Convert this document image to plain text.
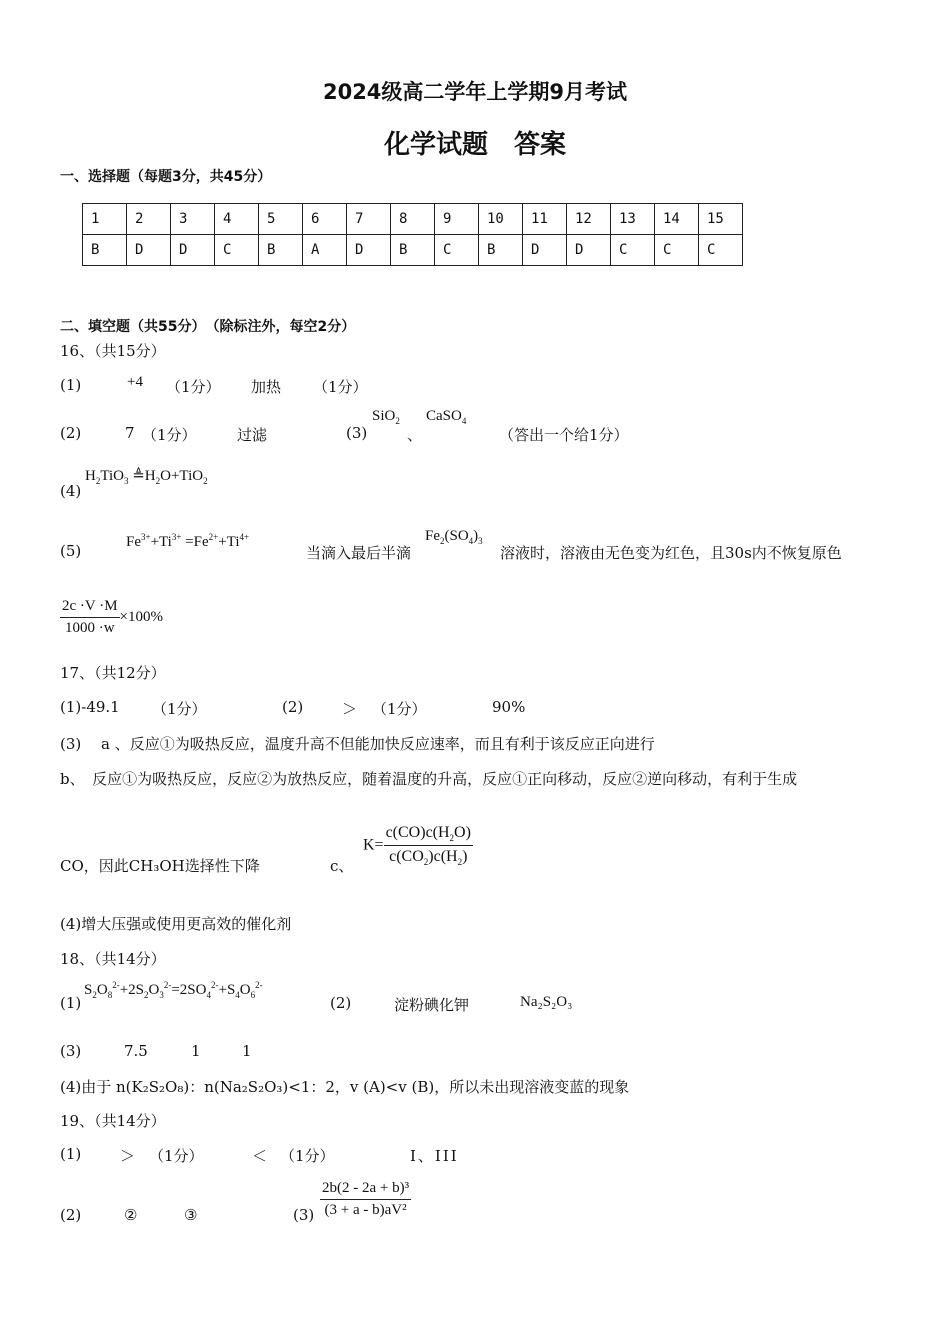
2024级高二学年上学期9月考试
化学试题　答案
一、选择题（每题3分，共45分）
1	2	3	4	5	6	7	8	9	10	11	12	13	14	15
B	D	D	C	B	A	D	B	C	B	D	D	C	C	C
二、填空题（共55分）　（除标注外，每空2分）
16、（共15分）
(1)	+4 （1分） 加热 （1分）
(2)	7 （1分）	过滤	(3)
SiO$_2$
、
CaSO$_4$
（答出一个给1分）
(4)
$H_2TiO_3$ $≜H_2O+TiO_2$
(5)	$Fe^{3+}+Ti^{3+} =Fe^{2+}+Ti^{4+}$
当滴入最后半滴
$Fe_2(SO_4)_3$
溶液时，溶液由无色变为红色，且30s内不恢复原色
$\frac{2c \cdot V \cdot M}{1000 \cdot w} \times 100\%$
17、（共12分）
(1)-49.1 （1分）	(2)	＞ （1分）	90%
(3)　 a 、反应①为吸热反应，温度升高不但能加快反应速率，而且有利于该反应正向进行
b、　反应①为吸热反应，反应②为放热反应，随着温度的升高，反应①正向移动，反应②逆向移动，有利于生成
CO，因此CH₃OH选择性下降	c、
$K= \frac{c(CO)c(H_2O)}{c(CO_2)c(H_2)}$
(4)增大压强或使用更高效的催化剂
18、（共14分）
(1)
$S_2O_8^{2-}+2S_2O_3^{2-}=2SO_4^{2-}+S_4O_6^{2-}$
(2)	淀粉碘化钾	Na₂S₂O₃
(3)	7.5	1	1
(4)由于 n(K₂S₂O₈)：n(Na₂S₂O₃)<1：2，v (A)<v (B)，所以未出现溶液变蓝的现象
19、（共14分）
(1)	＞ （1分）	＜ （1分）	I、III
(2)	②	③	$(3) \frac{\text{2b(2 - 2a + b)³}}{\text{(3 + a - b)aV²}}$
